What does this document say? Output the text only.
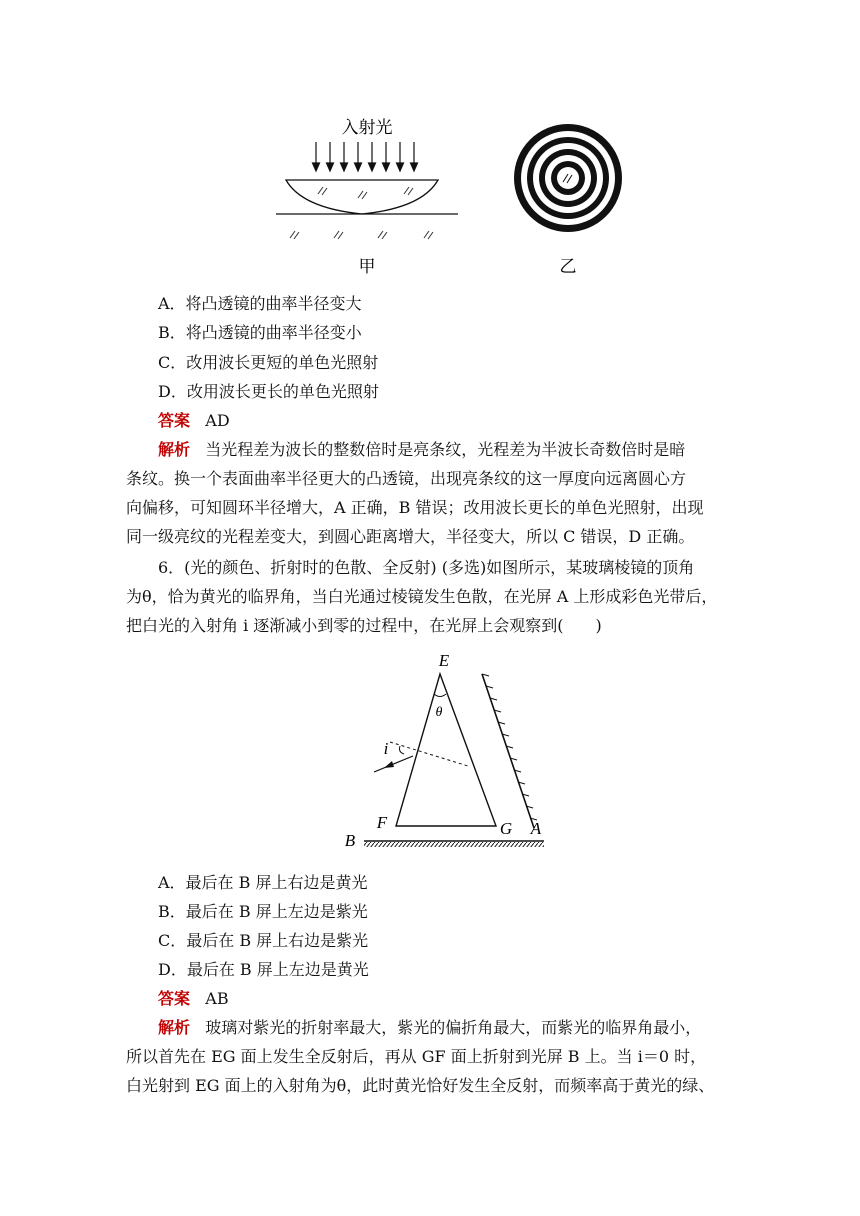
入射光
甲	乙
A．将凸透镜的曲率半径变大
B．将凸透镜的曲率半径变小
C．改用波长更短的单色光照射
D．改用波长更长的单色光照射
答案 AD
解析 当光程差为波长的整数倍时是亮条纹，光程差为半波长奇数倍时是暗
条纹。换一个表面曲率半径更大的凸透镜，出现亮条纹的这一厚度向远离圆心方
向偏移，可知圆环半径增大，A 正确，B 错误；改用波长更长的单色光照射，出现
同一级亮纹的光程差变大，到圆心距离增大，半径变大，所以 C 错误，D 正确。
6．(光的颜色、折射时的色散、全反射) (多选)如图所示，某玻璃棱镜的顶角
为θ，恰为黄光的临界角，当白光通过棱镜发生色散，在光屏 A 上形成彩色光带后，
把白光的入射角 i 逐渐减小到零的过程中，在光屏上会观察到(　　)
θ
E
i
A
F	G
B
A．最后在 B 屏上右边是黄光
B．最后在 B 屏上左边是紫光
C．最后在 B 屏上右边是紫光
D．最后在 B 屏上左边是黄光
答案 AB
解析 玻璃对紫光的折射率最大，紫光的偏折角最大，而紫光的临界角最小，
所以首先在 EG 面上发生全反射后，再从 GF 面上折射到光屏 B 上。当 i＝0 时，
白光射到 EG 面上的入射角为θ，此时黄光恰好发生全反射，而频率高于黄光的绿、
